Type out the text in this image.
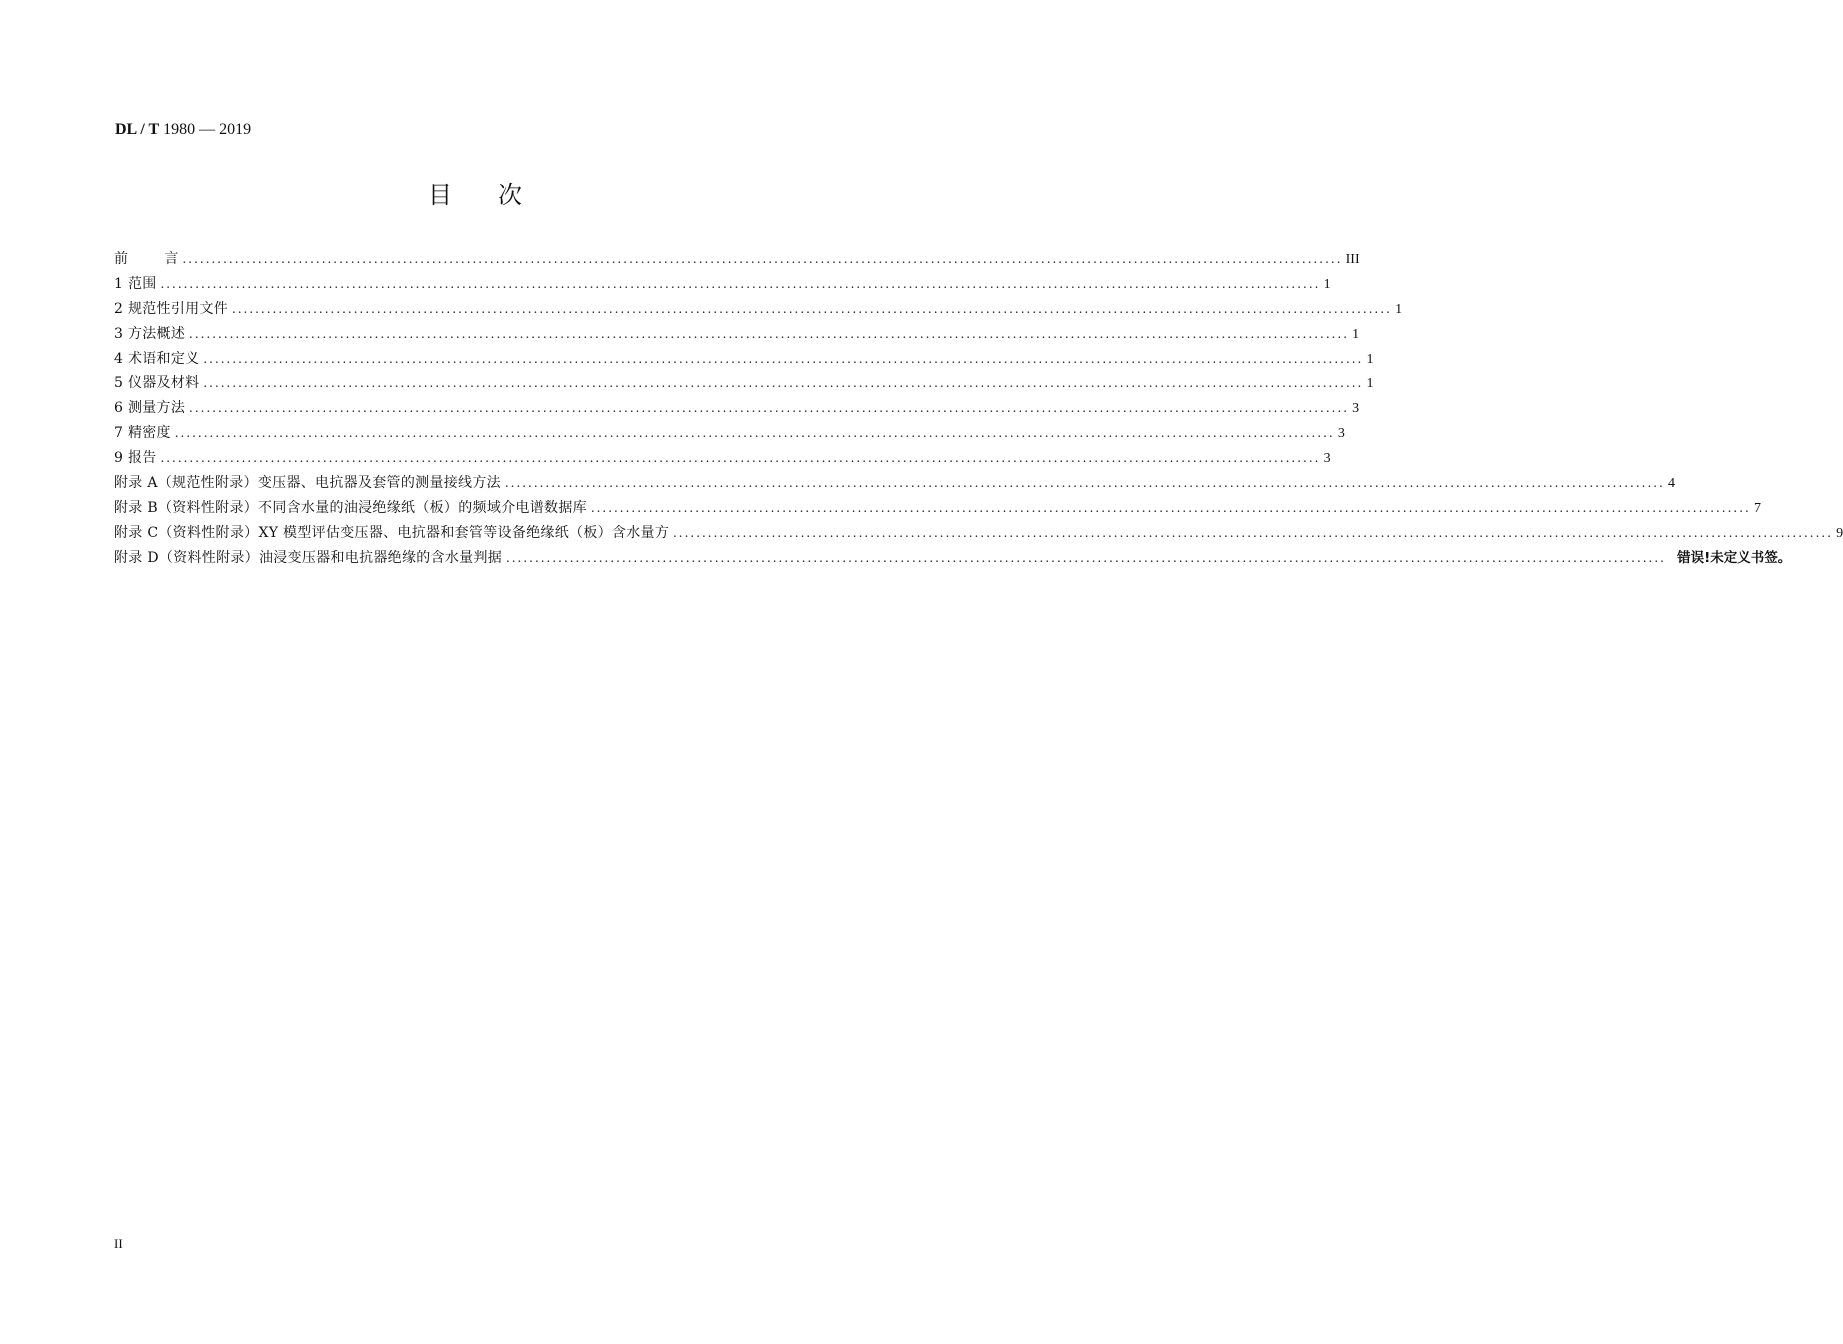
DL / T 1980 — 2019
目次
前	言 ........................................................................................................................................................................................................ III
1 范围 ........................................................................................................................................................................................................ 1
2 规范性引用文件 ........................................................................................................................................................................................................ 1
3 方法概述 ........................................................................................................................................................................................................ 1
4 术语和定义 ........................................................................................................................................................................................................ 1
5 仪器及材料 ........................................................................................................................................................................................................ 1
6 测量方法 ........................................................................................................................................................................................................ 3
7 精密度 ........................................................................................................................................................................................................ 3
9 报告 ........................................................................................................................................................................................................ 3
附录 A（规范性附录）变压器、电抗器及套管的测量接线方法 ........................................................................................................................................................................................................ 4
附录 B（资料性附录）不同含水量的油浸绝缘纸（板）的频域介电谱数据库 ........................................................................................................................................................................................................ 7
附录 C（资料性附录）XY 模型评估变压器、电抗器和套管等设备绝缘纸（板）含水量方 ........................................................................................................................................................................................................ 9
附录 D（资料性附录）油浸变压器和电抗器绝缘的含水量判据 ........................................................................................................................................................................................................ 错误!未定义书签。
II
